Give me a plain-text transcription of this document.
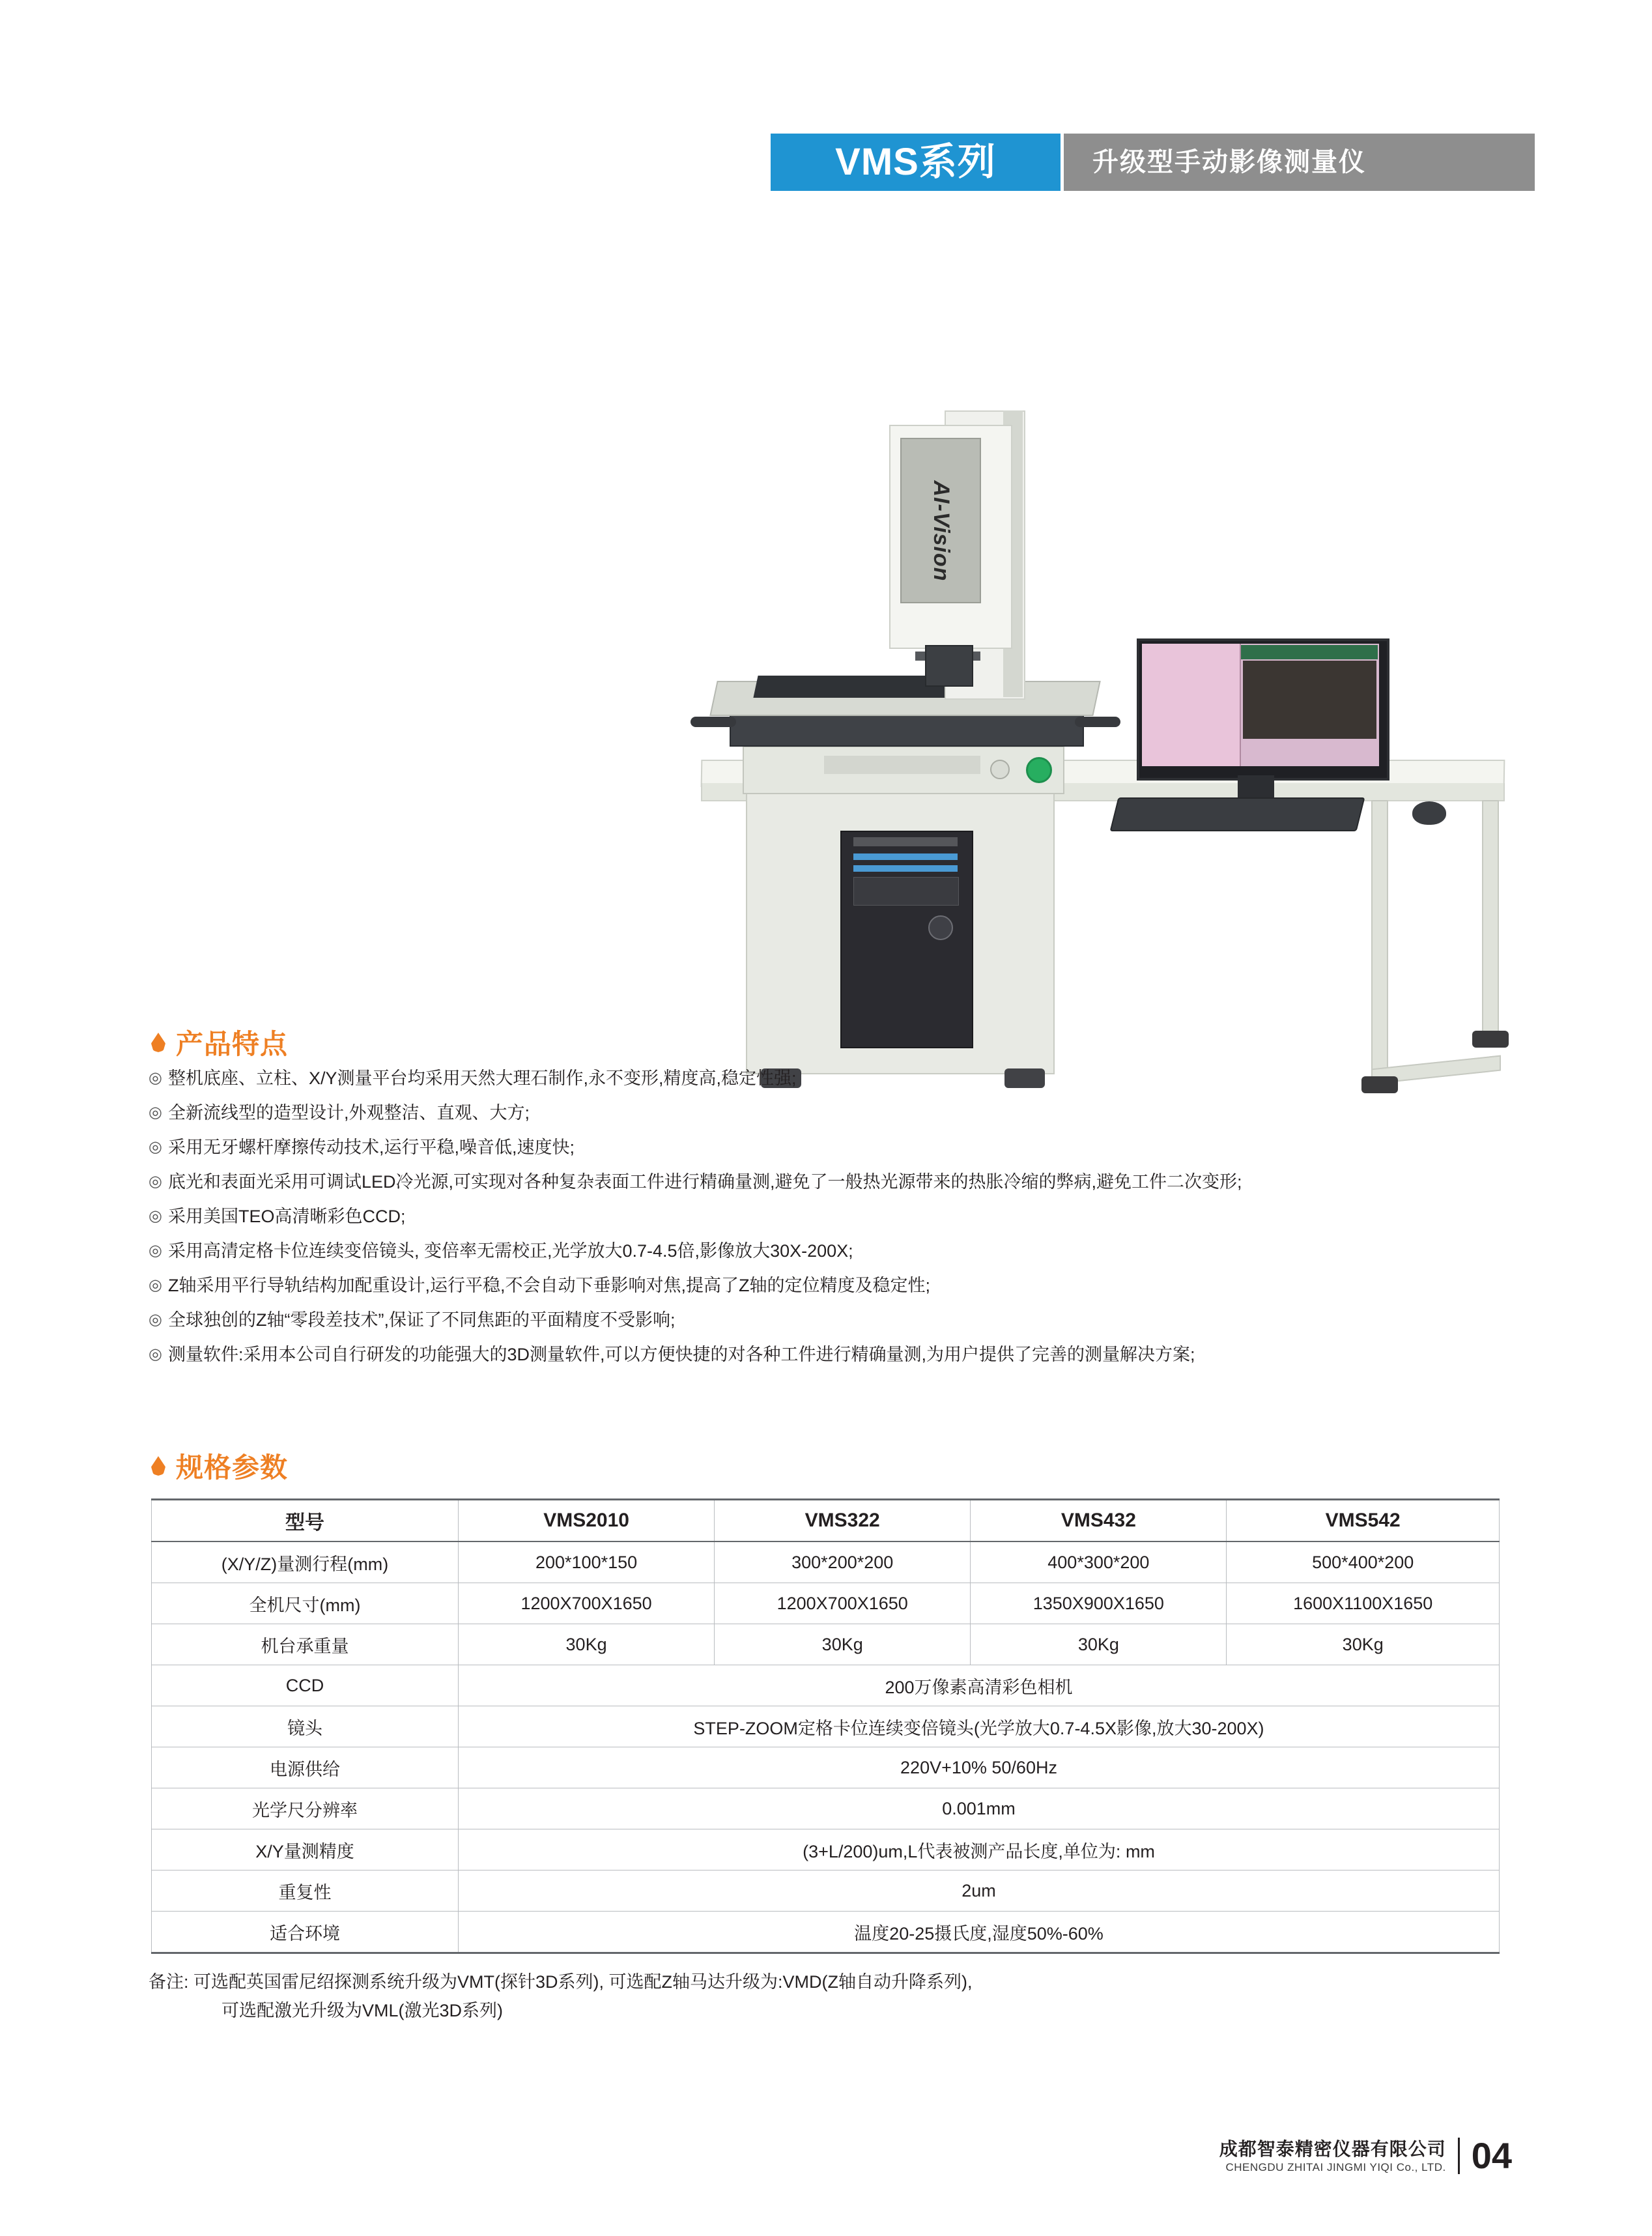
VMS系列	升级型手动影像测量仪
AI-Vision
产品特点
◎ 整机底座、立柱、X/Y测量平台均采用天然大理石制作,永不变形,精度高,稳定性强;
◎ 全新流线型的造型设计,外观整洁、直观、大方;
◎ 采用无牙螺杆摩擦传动技术,运行平稳,噪音低,速度快;
◎ 底光和表面光采用可调试LED冷光源,可实现对各种复杂表面工件进行精确量测,避免了一般热光源带来的热胀冷缩的弊病,避免工件二次变形;
◎ 采用美国TEO高清晰彩色CCD;
◎ 采用高清定格卡位连续变倍镜头, 变倍率无需校正,光学放大0.7-4.5倍,影像放大30X-200X;
◎ Z轴采用平行导轨结构加配重设计,运行平稳,不会自动下垂影响对焦,提高了Z轴的定位精度及稳定性;
◎ 全球独创的Z轴“零段差技术”,保证了不同焦距的平面精度不受影响;
◎ 测量软件:采用本公司自行研发的功能强大的3D测量软件,可以方便快捷的对各种工件进行精确量测,为用户提供了完善的测量解决方案;
规格参数
型号	VMS2010	VMS322	VMS432	VMS542
(X/Y/Z)量测行程(mm)	200*100*150	300*200*200	400*300*200	500*400*200
全机尺寸(mm)	1200X700X1650	1200X700X1650	1350X900X1650	1600X1100X1650
机台承重量	30Kg	30Kg	30Kg	30Kg
CCD	200万像素高清彩色相机			
镜头	STEP-ZOOM定格卡位连续变倍镜头(光学放大0.7-4.5X影像,放大30-200X)			
电源供给	220V+10% 50/60Hz			
光学尺分辨率	0.001mm			
X/Y量测精度	(3+L/200)um,L代表被测产品长度,单位为: mm			
重复性	2um			
适合环境	温度20-25摄氏度,湿度50%-60%			
备注: 可选配英国雷尼绍探测系统升级为VMT(探针3D系列), 可选配Z轴马达升级为:VMD(Z轴自动升降系列),
可选配激光升级为VML(激光3D系列)
成都智泰精密仪器有限公司
CHENGDU ZHITAI JINGMI YIQI Co., LTD. 04
